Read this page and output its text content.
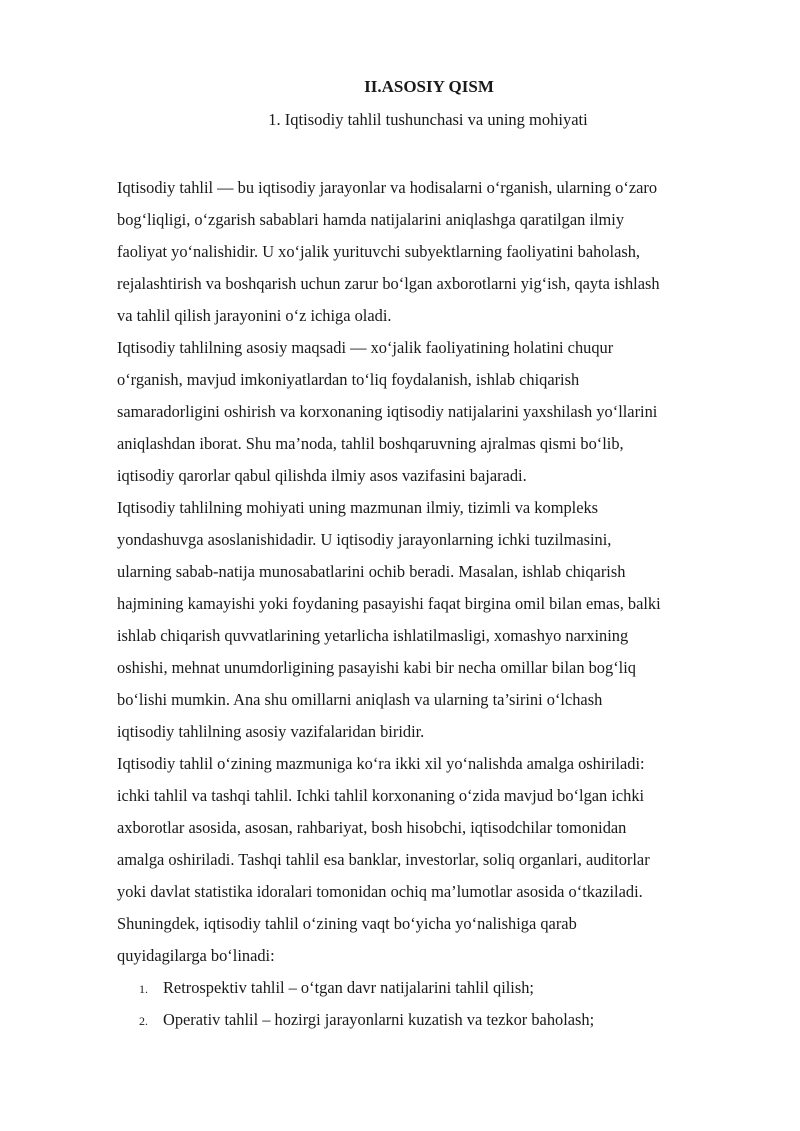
II.ASOSIY QISM
1. Iqtisodiy tahlil tushunchasi va uning mohiyati
Iqtisodiy tahlil — bu iqtisodiy jarayonlar va hodisalarni o‘rganish, ularning o‘zaro
bog‘liqligi, o‘zgarish sabablari hamda natijalarini aniqlashga qaratilgan ilmiy
faoliyat yo‘nalishidir. U xo‘jalik yurituvchi subyektlarning faoliyatini baholash,
rejalashtirish va boshqarish uchun zarur bo‘lgan axborotlarni yig‘ish, qayta ishlash
va tahlil qilish jarayonini o‘z ichiga oladi.
Iqtisodiy tahlilning asosiy maqsadi — xo‘jalik faoliyatining holatini chuqur
o‘rganish, mavjud imkoniyatlardan to‘liq foydalanish, ishlab chiqarish
samaradorligini oshirish va korxonaning iqtisodiy natijalarini yaxshilash yo‘llarini
aniqlashdan iborat. Shu ma’noda, tahlil boshqaruvning ajralmas qismi bo‘lib,
iqtisodiy qarorlar qabul qilishda ilmiy asos vazifasini bajaradi.
Iqtisodiy tahlilning mohiyati uning mazmunan ilmiy, tizimli va kompleks
yondashuvga asoslanishidadir. U iqtisodiy jarayonlarning ichki tuzilmasini,
ularning sabab-natija munosabatlarini ochib beradi. Masalan, ishlab chiqarish
hajmining kamayishi yoki foydaning pasayishi faqat birgina omil bilan emas, balki
ishlab chiqarish quvvatlarining yetarlicha ishlatilmasligi, xomashyo narxining
oshishi, mehnat unumdorligining pasayishi kabi bir necha omillar bilan bog‘liq
bo‘lishi mumkin. Ana shu omillarni aniqlash va ularning ta’sirini o‘lchash
iqtisodiy tahlilning asosiy vazifalaridan biridir.
Iqtisodiy tahlil o‘zining mazmuniga ko‘ra ikki xil yo‘nalishda amalga oshiriladi:
ichki tahlil va tashqi tahlil. Ichki tahlil korxonaning o‘zida mavjud bo‘lgan ichki
axborotlar asosida, asosan, rahbariyat, bosh hisobchi, iqtisodchilar tomonidan
amalga oshiriladi. Tashqi tahlil esa banklar, investorlar, soliq organlari, auditorlar
yoki davlat statistika idoralari tomonidan ochiq ma’lumotlar asosida o‘tkaziladi.
Shuningdek, iqtisodiy tahlil o‘zining vaqt bo‘yicha yo‘nalishiga qarab
quyidagilarga bo‘linadi:
1. Retrospektiv tahlil – o‘tgan davr natijalarini tahlil qilish;
2. Operativ tahlil – hozirgi jarayonlarni kuzatish va tezkor baholash;
